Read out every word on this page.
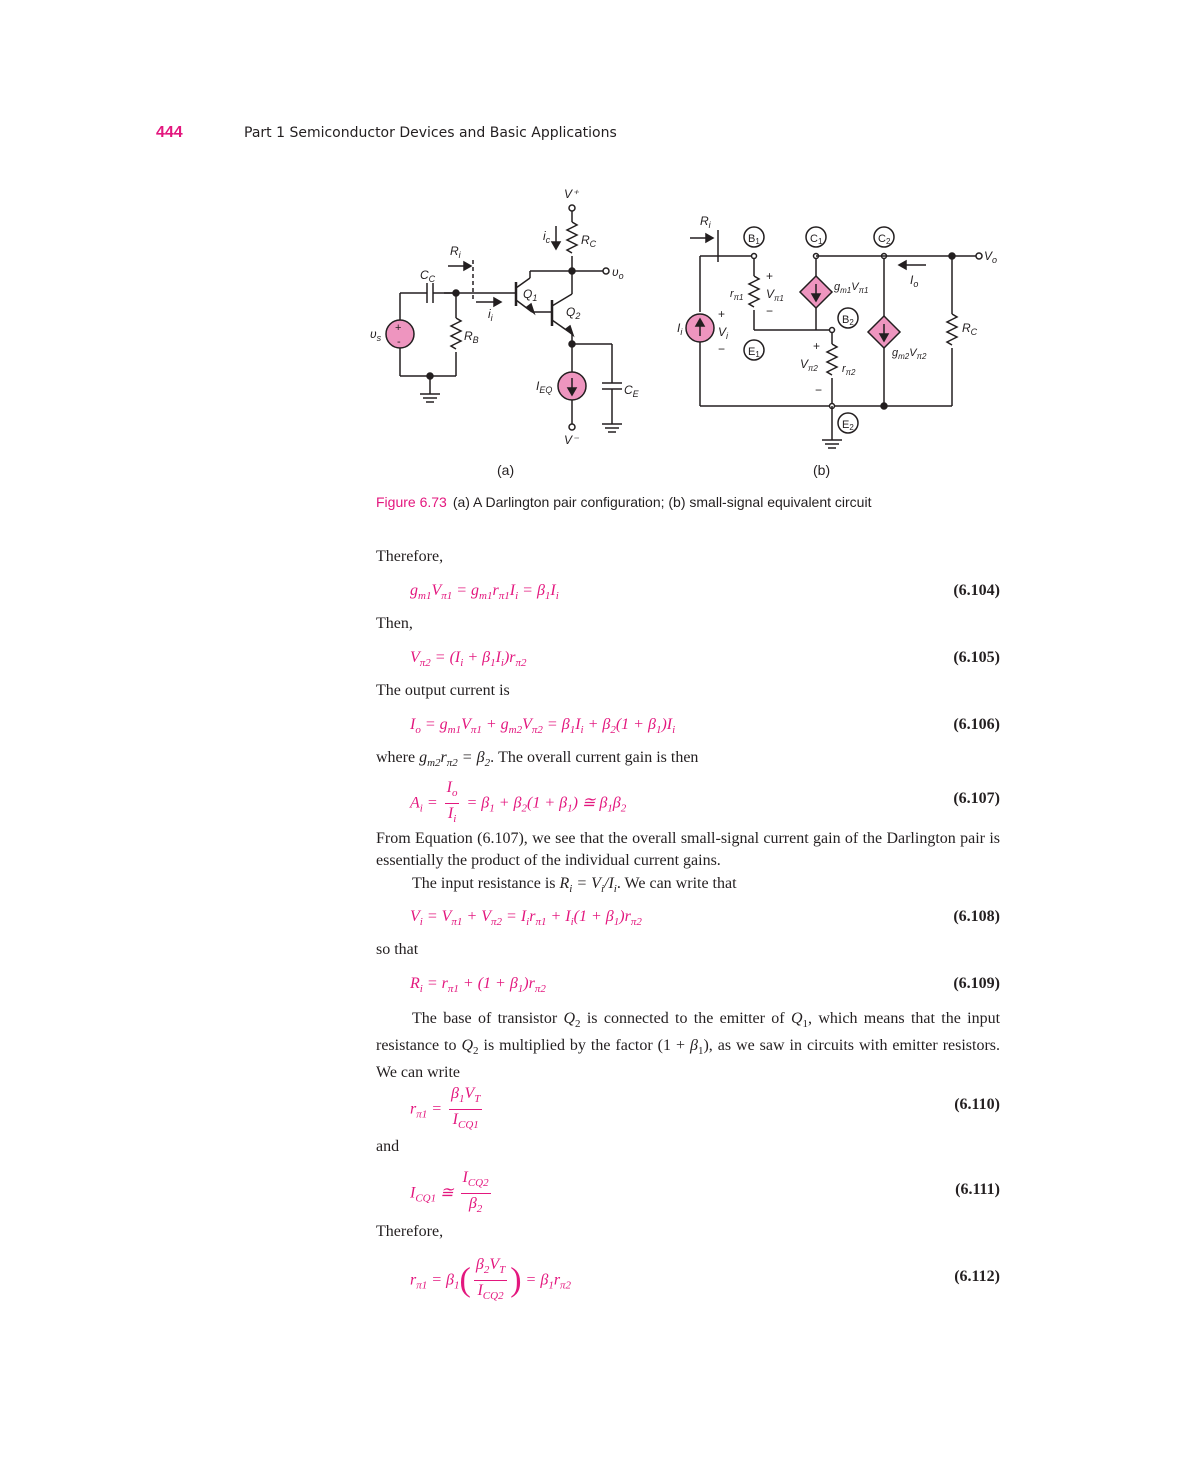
444	Part 1 Semiconductor Devices and Basic Applications
V⁺
$R_C$
$i_c$
$\upsilon_o$
$Q_1$
$Q_2$
$I_{EQ}$
V⁻
$C_E$
$i_i$
$R_i$
$R_B$
$C_C$
+
-
$\upsilon_s$
$R_i$
B1
$I_i$
+
$V_i$
−
$r_{\pi 1}$
+
$V_{\pi 1}$
−
E1
C1
$g_{m1}V_{\pi 1}$
B2
+
$V_{\pi 2}$ $r_{\pi 2}$
−
E2
C2
$V_o$
$I_o$
$g_{m2}V_{\pi 2}$
$R_C$
(a)	(b)
Figure 6.73 (a) A Darlington pair configuration; (b) small-signal equivalent circuit
Therefore,
$g_{m1}V_{\pi 1} = g_{m1}r_{\pi 1}I_i = \beta_1I_i$	(6.104)
Then,
$V_{\pi 2} = (I_i + \beta_1I_i)r_{\pi 2}$	(6.105)
The output current is
$I_o = g_{m1}V_{\pi 1} + g_{m2}V_{\pi 2} = \beta_1I_i + \beta_2(1 + \beta_1)I_i$	(6.106)
where $g_{m2}r_{\pi 2} = \beta_2$. The overall current gain is then
$A_i = \frac{I_o}{I_i} = \beta_1 + \beta_2(1 + \beta_1)$ ≅ $\beta_1\beta_2$
(6.107)
From Equation (6.107), we see that the overall small-signal current gain of the Darlington pair is essentially the product of the individual current gains.
The input resistance is $R_i = V_i/I_i$. We can write that
$V_i = V_{\pi 1} + V_{\pi 2} = I_ir_{\pi 1} + I_i(1 + \beta_1)r_{\pi 2}$	(6.108)
so that
$R_i = r_{\pi 1} + (1 + \beta_1)r_{\pi 2}$	(6.109)
The base of transistor $Q_2$ is connected to the emitter of $Q_1$, which means that the input resistance to $Q_2$ is multiplied by the factor $(1 + \beta_1)$, as we saw in circuits with emitter resistors. We can write
$r_{\pi 1} = \frac{\beta_1V_T}{I_{CQ1}}$	(6.110)
and
$I_{CQ1}$ ≅ $\frac{I_{CQ2}}{\beta_2}$	(6.111)
Therefore,
$r_{\pi 1} = \beta_1( \frac{\beta_2V_T}{I_{CQ2}}$ ) = $\beta_1r_{\pi 2}$
(6.112)
